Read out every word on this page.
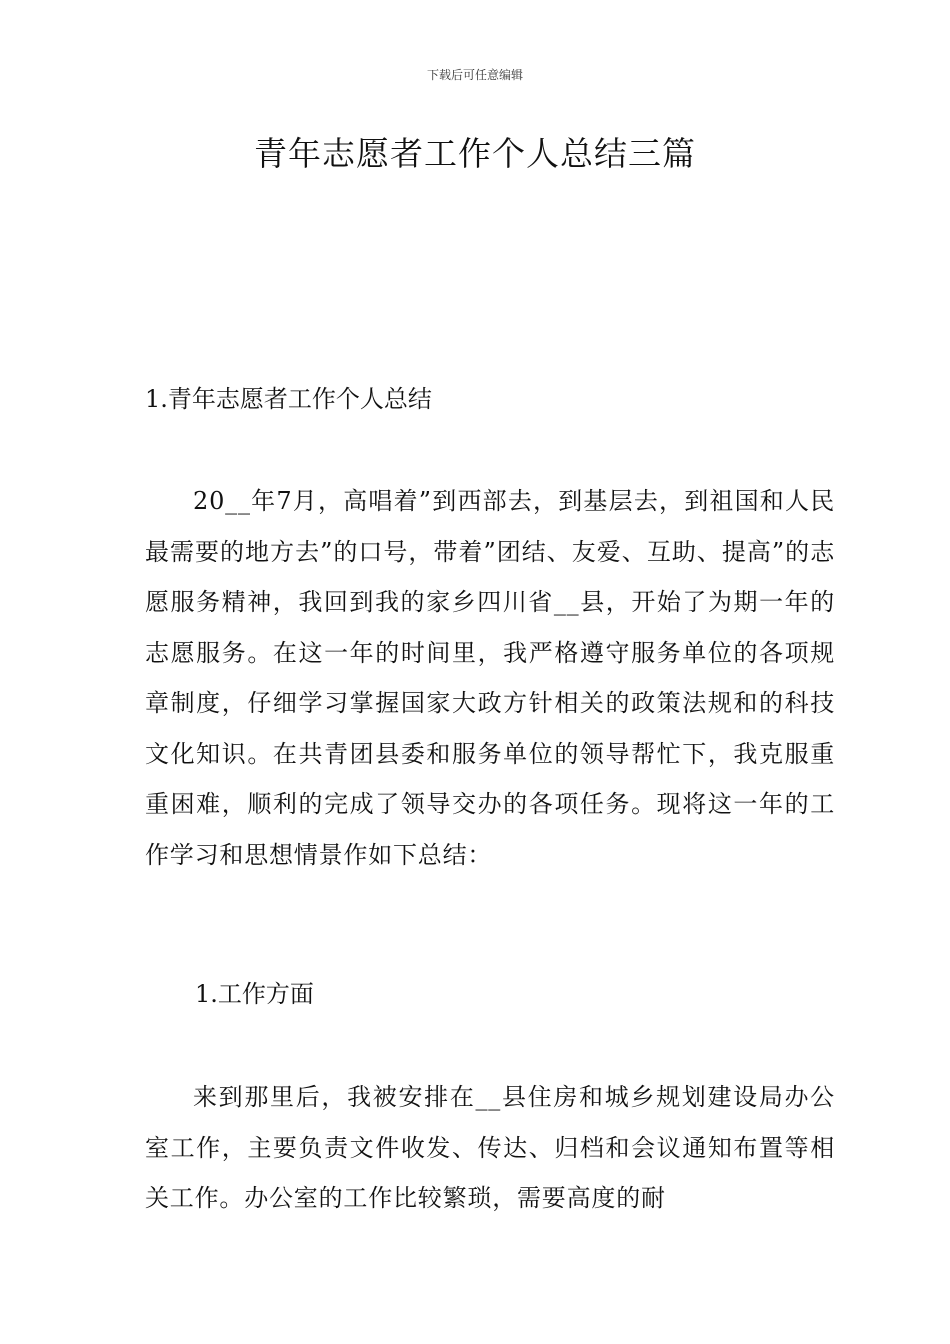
下载后可任意编辑
青年志愿者工作个人总结三篇
1.青年志愿者工作个人总结

20__年7月，高唱着”到西部去，到基层去，到祖国和人民最需要的地方去”的口号，带着”团结、友爱、互助、提高”的志愿服务精神，我回到我的家乡四川省__县，开始了为期一年的志愿服务。在这一年的时间里，我严格遵守服务单位的各项规章制度，仔细学习掌握国家大政方针相关的政策法规和的科技文化知识。在共青团县委和服务单位的领导帮忙下，我克服重重困难，顺利的完成了领导交办的各项任务。现将这一年的工作学习和思想情景作如下总结：

1.工作方面

来到那里后，我被安排在__县住房和城乡规划建设局办公室工作，主要负责文件收发、传达、归档和会议通知布置等相关工作。办公室的工作比较繁琐，需要高度的耐
